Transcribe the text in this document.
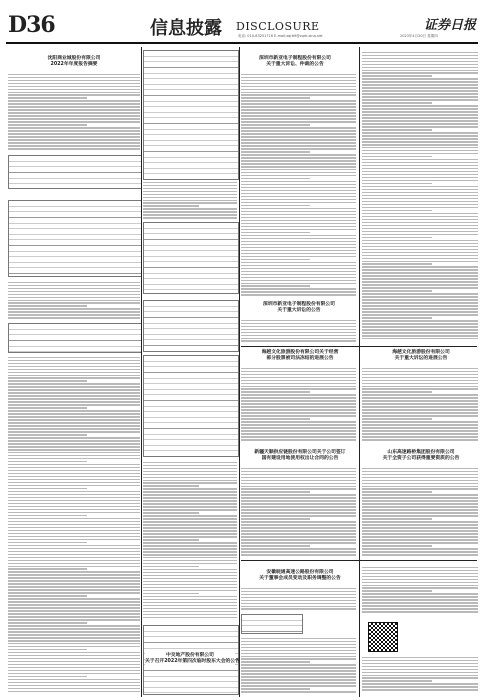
D36	信息披露 DISCLOSURE	证券日报
电话: 010-83251716 E-mail:zqrb9@zqrb.sina.net	2023年4月20日 星期四
沈阳商业城股份有限公司
2022年年度报告摘要
中交地产股份有限公司
关于召开2022年第四次临时股东大会的公告
深圳市新亚电子制程股份有限公司
关于重大诉讼、仲裁的公告
深圳市新亚电子制程股份有限公司
关于重大诉讼的公告
海越文化旅游股份有限公司关于经营
部分股票被司法冻结的进展公告
新疆天顺供应链股份有限公司关于公司签订
国有建设用地使用权出让合同的公告
安徽皖通高速公路股份有限公司
关于董事会成员变动及职务调整的公告
海越文化旅游股份有限公司
关于重大诉讼的进展公告
山东高速路桥集团股份有限公司
关于全资子公司获得重要资质的公告
